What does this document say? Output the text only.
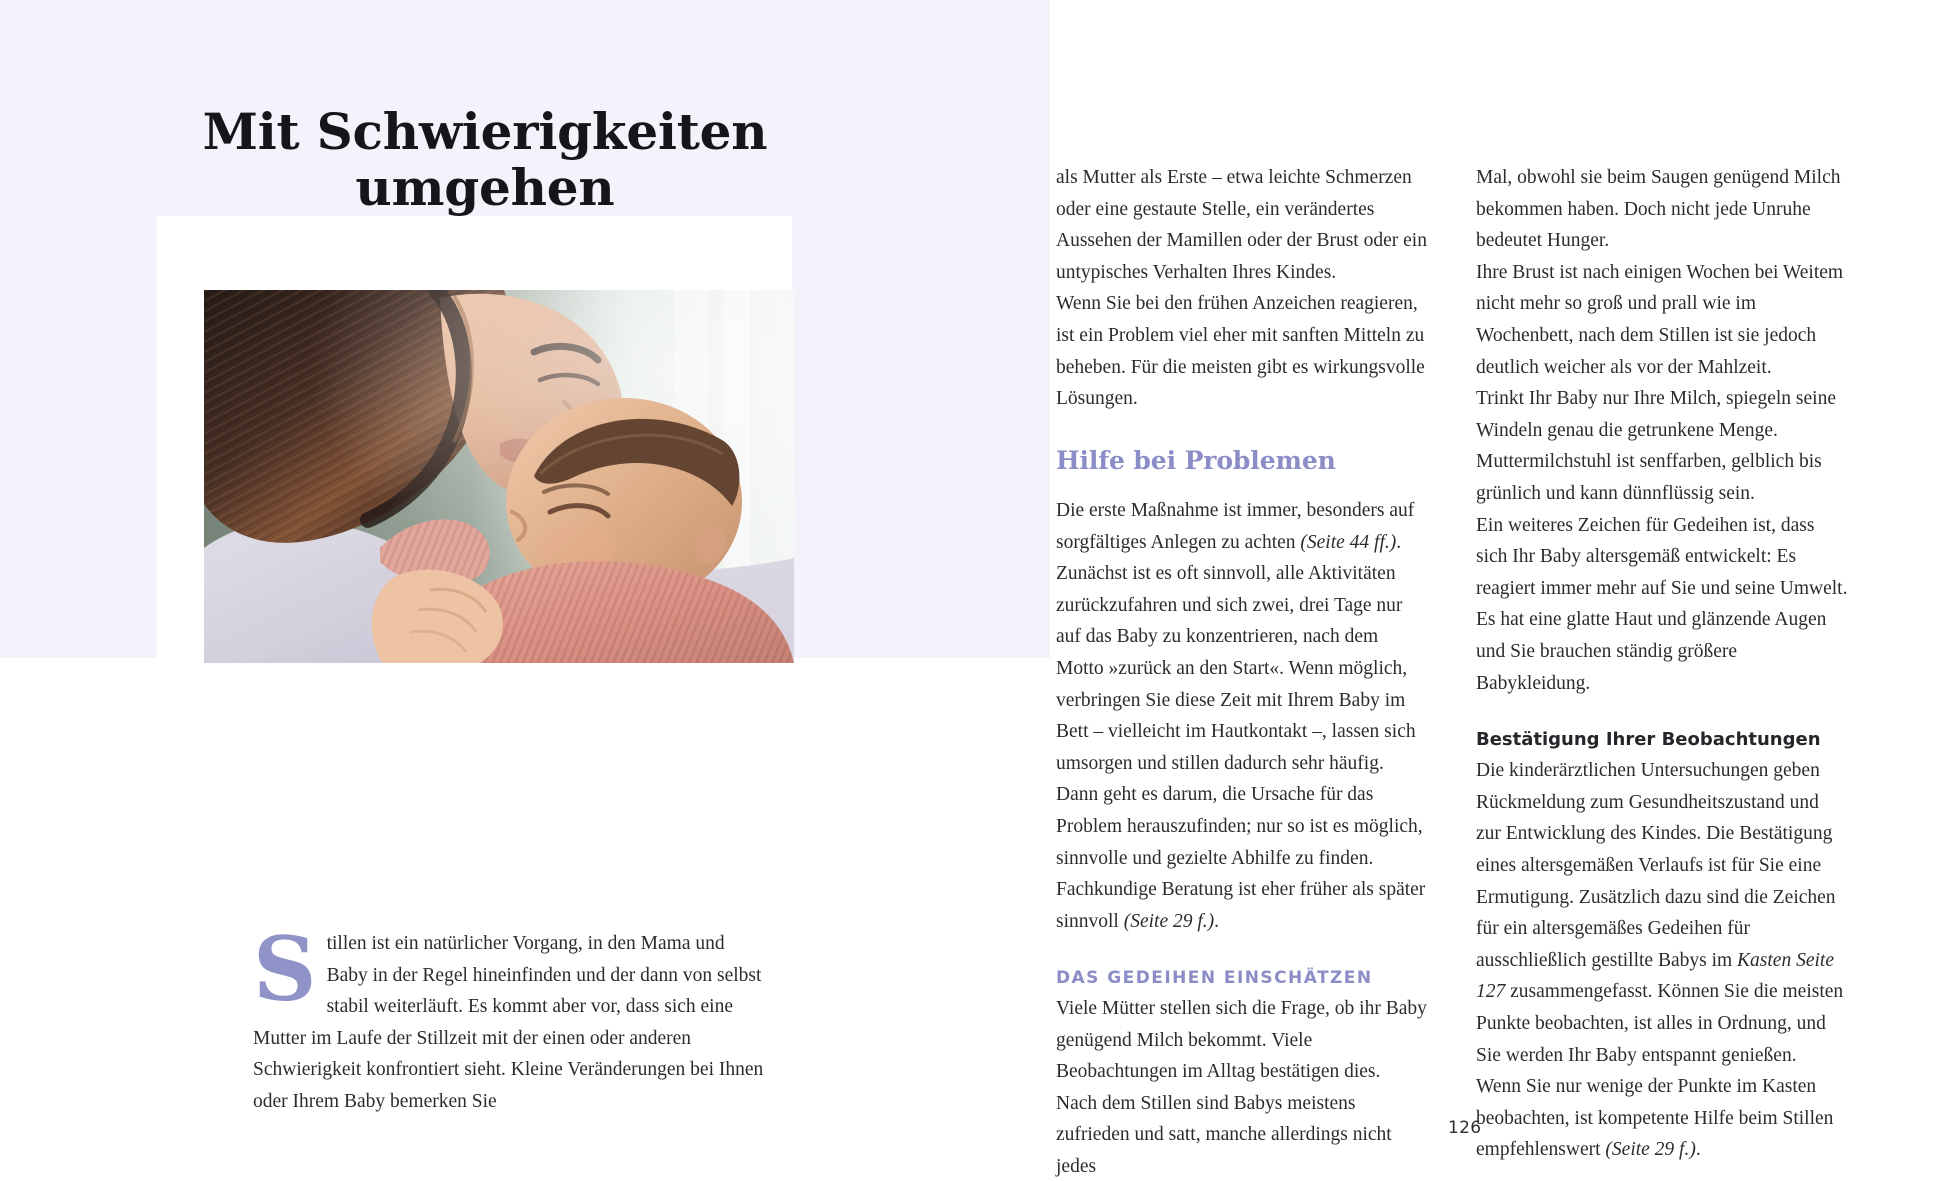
Mit Schwierigkeiten
umgehen
Stillen ist ein natürlicher Vorgang, in den Mama und Baby in der Regel hineinfinden und der dann von selbst stabil weiterläuft. Es kommt aber vor, dass sich eine Mutter im Laufe der Stillzeit mit der einen oder anderen Schwierigkeit konfrontiert sieht. Kleine Veränderungen bei Ihnen oder Ihrem Baby bemerken Sie

als Mutter als Erste – etwa leichte Schmerzen oder eine gestaute Stelle, ein verändertes Aussehen der Mamillen oder der Brust oder ein untypisches Verhalten Ihres Kindes.

Wenn Sie bei den frühen Anzeichen reagieren, ist ein Problem viel eher mit sanften Mitteln zu beheben. Für die meisten gibt es wirkungsvolle Lösungen.

Hilfe bei Problemen

Die erste Maßnahme ist immer, besonders auf sorgfältiges Anlegen zu achten (Seite 44 ff.). Zunächst ist es oft sinnvoll, alle Aktivitäten zurückzufahren und sich zwei, drei Tage nur auf das Baby zu konzentrieren, nach dem Motto »zurück an den Start«. Wenn möglich, verbringen Sie diese Zeit mit Ihrem Baby im Bett – vielleicht im Hautkontakt –, lassen sich umsorgen und stillen dadurch sehr häufig. Dann geht es darum, die Ursache für das Problem herauszufinden; nur so ist es möglich, sinnvolle und gezielte Abhilfe zu finden. Fachkundige Beratung ist eher früher als später sinnvoll (Seite 29 f.).

DAS GEDEIHEN EINSCHÄTZEN

Viele Mütter stellen sich die Frage, ob ihr Baby genügend Milch bekommt. Viele Beobachtungen im Alltag bestätigen dies.

Nach dem Stillen sind Babys meistens zufrieden und satt, manche allerdings nicht jedes

Mal, obwohl sie beim Saugen genügend Milch bekommen haben. Doch nicht jede Unruhe bedeutet Hunger.

Ihre Brust ist nach einigen Wochen bei Weitem nicht mehr so groß und prall wie im Wochenbett, nach dem Stillen ist sie jedoch deutlich weicher als vor der Mahlzeit.

Trinkt Ihr Baby nur Ihre Milch, spiegeln seine Windeln genau die getrunkene Menge. Muttermilchstuhl ist senffarben, gelblich bis grünlich und kann dünnflüssig sein.

Ein weiteres Zeichen für Gedeihen ist, dass sich Ihr Baby altersgemäß entwickelt: Es reagiert immer mehr auf Sie und seine Umwelt. Es hat eine glatte Haut und glänzende Augen und Sie brauchen ständig größere Babykleidung.

Bestätigung Ihrer Beobachtungen

Die kinderärztlichen Untersuchungen geben Rückmeldung zum Gesundheitszustand und zur Entwicklung des Kindes. Die Bestätigung eines altersgemäßen Verlaufs ist für Sie eine Ermutigung. Zusätzlich dazu sind die Zeichen für ein altersgemäßes Gedeihen für ausschließlich gestillte Babys im Kasten Seite 127 zusammengefasst. Können Sie die meisten Punkte beobachten, ist alles in Ordnung, und Sie werden Ihr Baby entspannt genießen.

Wenn Sie nur wenige der Punkte im Kasten beobachten, ist kompetente Hilfe beim Stillen empfehlenswert (Seite 29 f.).

126
